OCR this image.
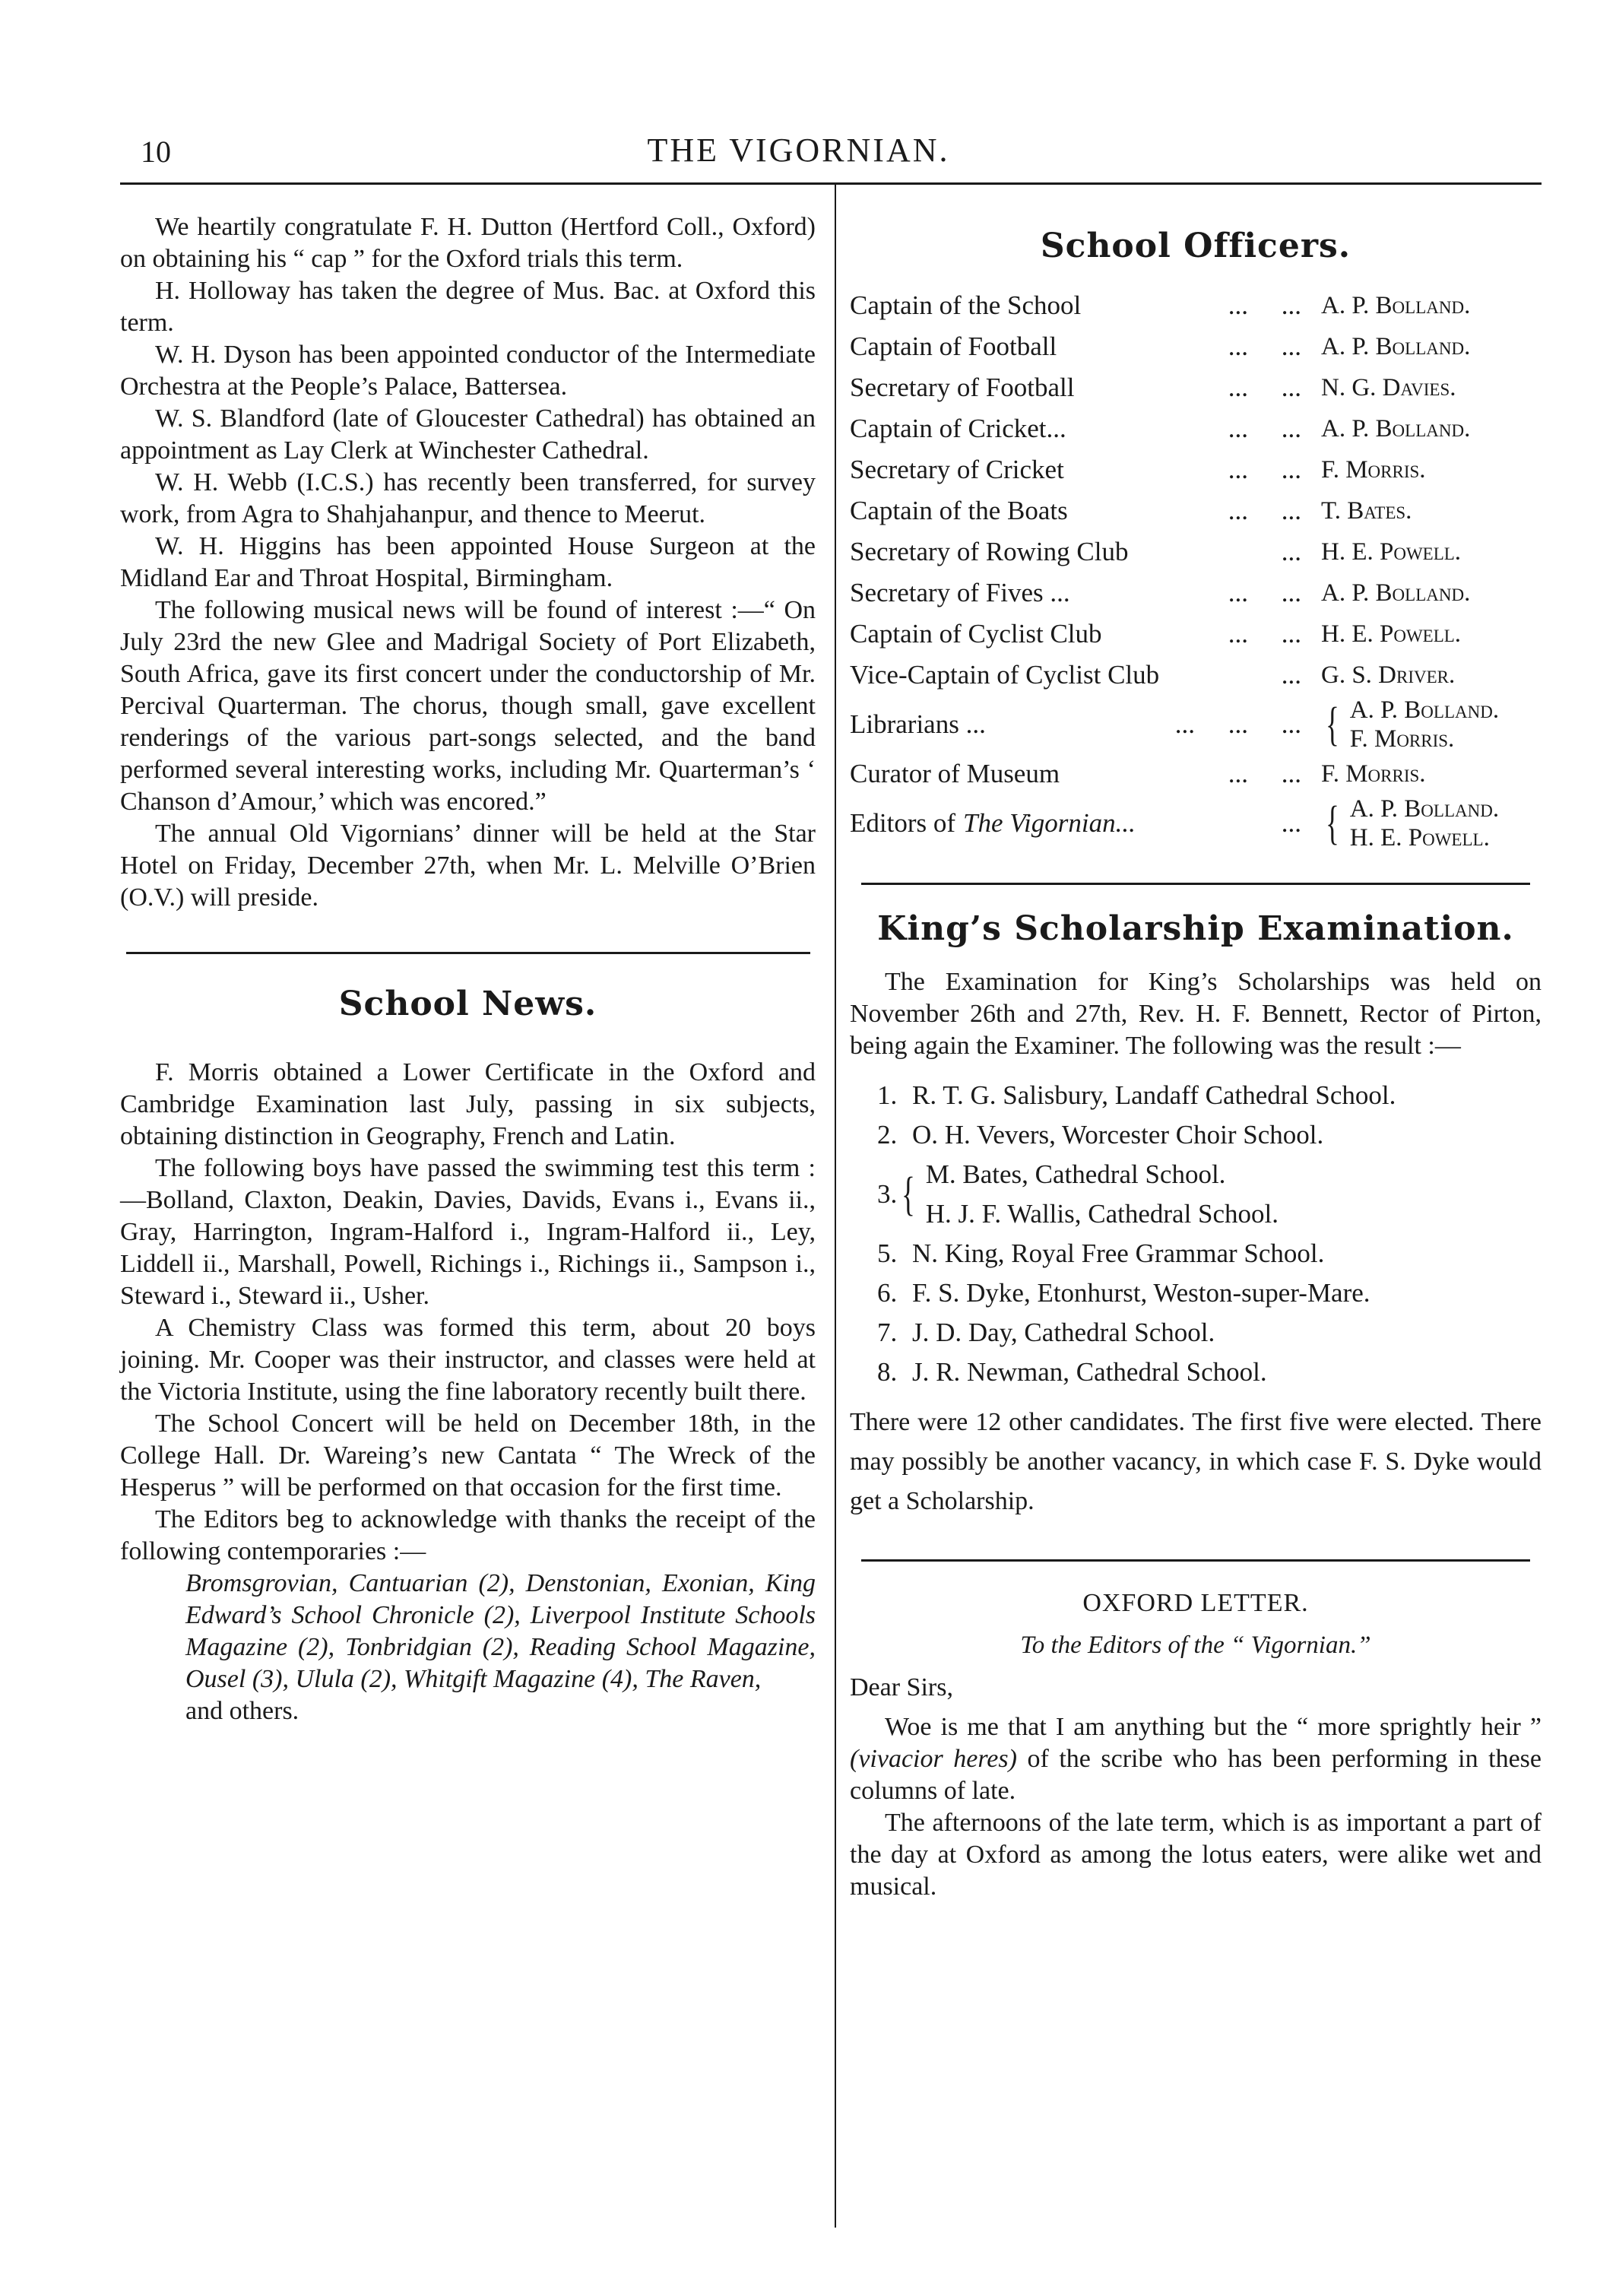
10	THE VIGORNIAN.

We heartily congratulate F. H. Dutton (Hertford Coll., Oxford) on obtaining his “ cap ” for the Oxford trials this term.

H. Holloway has taken the degree of Mus. Bac. at Oxford this term.

W. H. Dyson has been appointed conductor of the Intermediate Orchestra at the People’s Palace, Battersea.

W. S. Blandford (late of Gloucester Cathedral) has obtained an appointment as Lay Clerk at Winchester Cathedral.

W. H. Webb (I.C.S.) has recently been transferred, for survey work, from Agra to Shahjahanpur, and thence to Meerut.

W. H. Higgins has been appointed House Surgeon at the Midland Ear and Throat Hospital, Birmingham.

The following musical news will be found of interest :—“ On July 23rd the new Glee and Madrigal Society of Port Elizabeth, South Africa, gave its first concert under the conductorship of Mr. Percival Quarterman. The chorus, though small, gave excellent renderings of the various part-songs selected, and the band performed several interesting works, including Mr. Quarterman’s ‘ Chanson d’Amour,’ which was encored.”

The annual Old Vigornians’ dinner will be held at the Star Hotel on Friday, December 27th, when Mr. L. Melville O’Brien (O.V.) will preside.

School News.

F. Morris obtained a Lower Certificate in the Oxford and Cambridge Examination last July, passing in six subjects, obtaining distinction in Geography, French and Latin.

The following boys have passed the swimming test this term :—Bolland, Claxton, Deakin, Davies, Davids, Evans i., Evans ii., Gray, Harrington, Ingram-Halford i., Ingram-Halford ii., Ley, Liddell ii., Marshall, Powell, Richings i., Richings ii., Sampson i., Steward i., Steward ii., Usher.

A Chemistry Class was formed this term, about 20 boys joining. Mr. Cooper was their instructor, and classes were held at the Victoria Institute, using the fine laboratory recently built there.

The School Concert will be held on December 18th, in the College Hall. Dr. Wareing’s new Cantata “ The Wreck of the Hesperus ” will be performed on that occasion for the first time.

The Editors beg to acknowledge with thanks the receipt of the following contemporaries :—

Bromsgrovian, Cantuarian (2), Denstonian, Exonian, King Edward’s School Chronicle (2), Liverpool Institute Schools Magazine (2), Tonbridgian (2), Reading School Magazine, Ousel (3), Ulula (2), Whitgift Magazine (4), The Raven,

and others.

School Officers.
Captain of the School ...     ...	A. P. Bolland.
Captain of Football ...     ...	A. P. Bolland.
Secretary of Football ...     ...	N. G. Davies.
Captain of Cricket... ...     ...	A. P. Bolland.
Secretary of Cricket ...     ...	F. Morris.
Captain of the Boats ...     ...	T. Bates.
Secretary of Rowing Club ...	H. E. Powell.
Secretary of Fives ... ...     ...	A. P. Bolland.
Captain of Cyclist Club ...     ...	H. E. Powell.
Vice-Captain of Cyclist Club ...	G. S. Driver.
Librarians ... ...     ...     ...	{ A. P. Bolland.
F. Morris.

Curator of Museum ...     ...	F. Morris.
Editors of The Vigornian... ...	{ A. P. Bolland.
H. E. Powell.
King’s Scholarship Examination.

The Examination for King’s Scholarships was held on November 26th and 27th, Rev. H. F. Bennett, Rector of Pirton, being again the Examiner. The following was the result :—

1. R. T. G. Salisbury, Landaff Cathedral School.
2. O. H. Vevers, Worcester Choir School.
3. { M. Bates, Cathedral School.
H. J. F. Wallis, Cathedral School.
5. N. King, Royal Free Grammar School.
6. F. S. Dyke, Etonhurst, Weston-super-Mare.
7. J. D. Day, Cathedral School.
8. J. R. Newman, Cathedral School.

There were 12 other candidates. The first five were elected. There may possibly be another vacancy, in which case F. S. Dyke would get a Scholarship.

OXFORD LETTER.
To the Editors of the “ Vigornian.”

Dear Sirs,

Woe is me that I am anything but the “ more sprightly heir ” (vivacior heres) of the scribe who has been performing in these columns of late.

The afternoons of the late term, which is as important a part of the day at Oxford as among the lotus eaters, were alike wet and musical.
